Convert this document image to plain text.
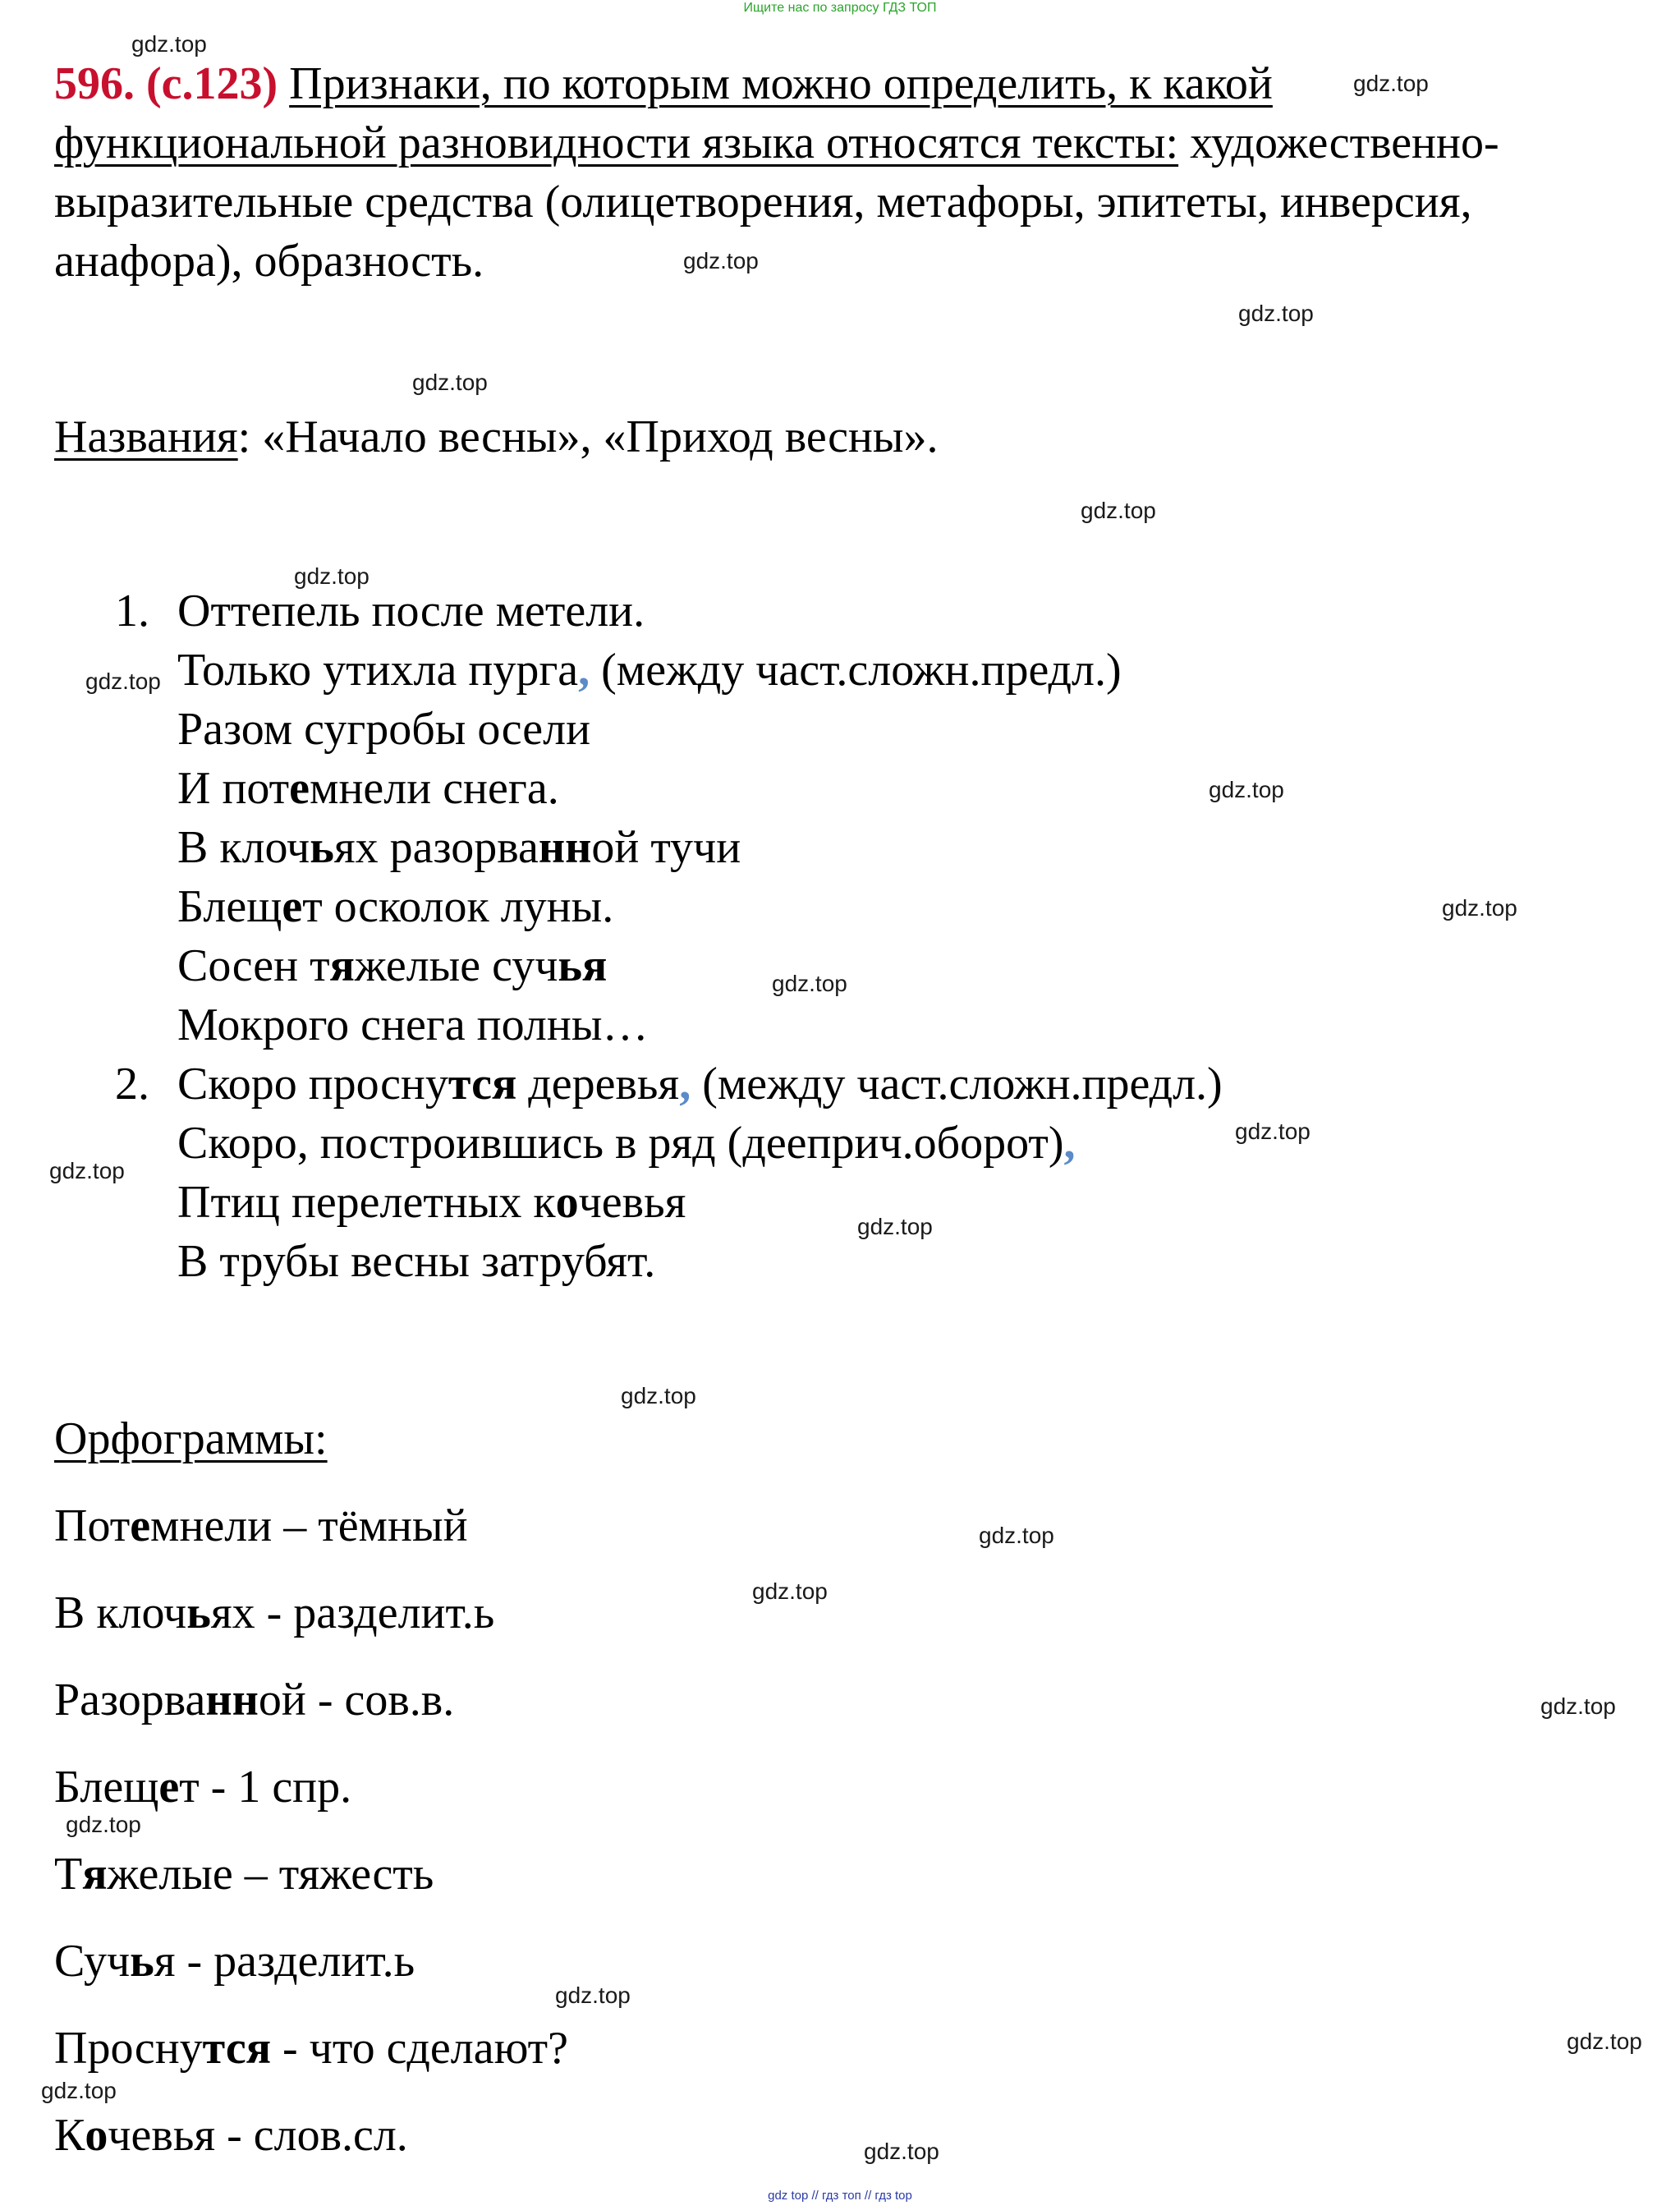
Ищите нас по запросу ГДЗ ТОП
gdz.top
gdz.top
gdz.top
gdz.top
gdz.top
gdz.top
gdz.top
gdz.top
gdz.top
gdz.top
gdz.top
gdz.top
gdz.top
gdz.top
gdz.top
gdz.top
gdz.top
gdz.top
gdz.top
gdz.top
gdz.top
gdz.top
gdz.top
596. (с.123) Признаки, по которым можно определить, к какой
функциональной разновидности языка относятся тексты: художественно-
выразительные средства (олицетворения, метафоры, эпитеты, инверсия,
анафора), образность.
Названия: «Начало весны», «Приход весны».
1. Оттепель после метели.
Только утихла пурга, (между част.сложн.предл.)
Разом сугробы осели
И потемнели снега.
В клочьях разорванной тучи
Блещет осколок луны.
Сосен тяжелые сучья
Мокрого снега полны…
2. Скоро проснутся деревья, (между част.сложн.предл.)
Скоро, построившись в ряд (дееприч.оборот),
Птиц перелетных кочевья
В трубы весны затрубят.
Орфограммы:
Потемнели – тёмный
В клочьях - разделит.ь
Разорванной - сов.в.
Блещет - 1 спр.
Тяжелые – тяжесть
Сучья - разделит.ь
Проснутся - что сделают?
Кочевья - слов.сл.
gdz top // гдз топ // гдз top
